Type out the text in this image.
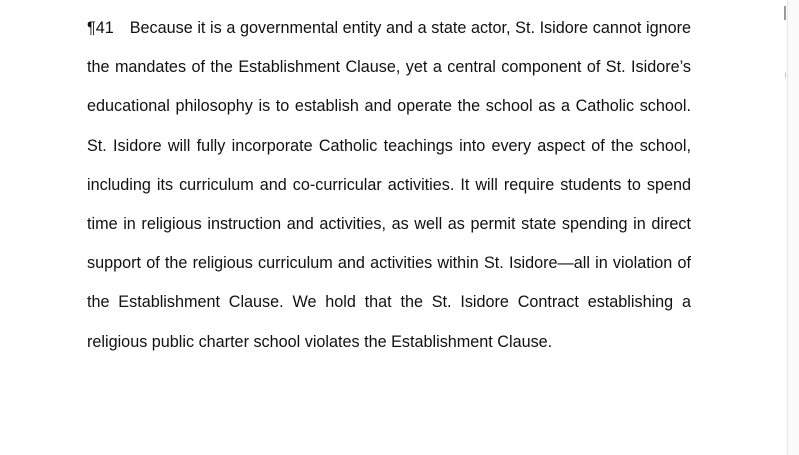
¶41 Because it is a governmental entity and a state actor, St. Isidore cannot ignore the mandates of the Establishment Clause, yet a central component of St. Isidore’s educational philosophy is to establish and operate the school as a Catholic school. St. Isidore will fully incorporate Catholic teachings into every aspect of the school, including its curriculum and co-curricular activities. It will require students to spend time in religious instruction and activities, as well as permit state spending in direct support of the religious curriculum and activities within St. Isidore—all in violation of the Establishment Clause. We hold that the St. Isidore Contract establishing a religious public charter school violates the Establishment Clause.
